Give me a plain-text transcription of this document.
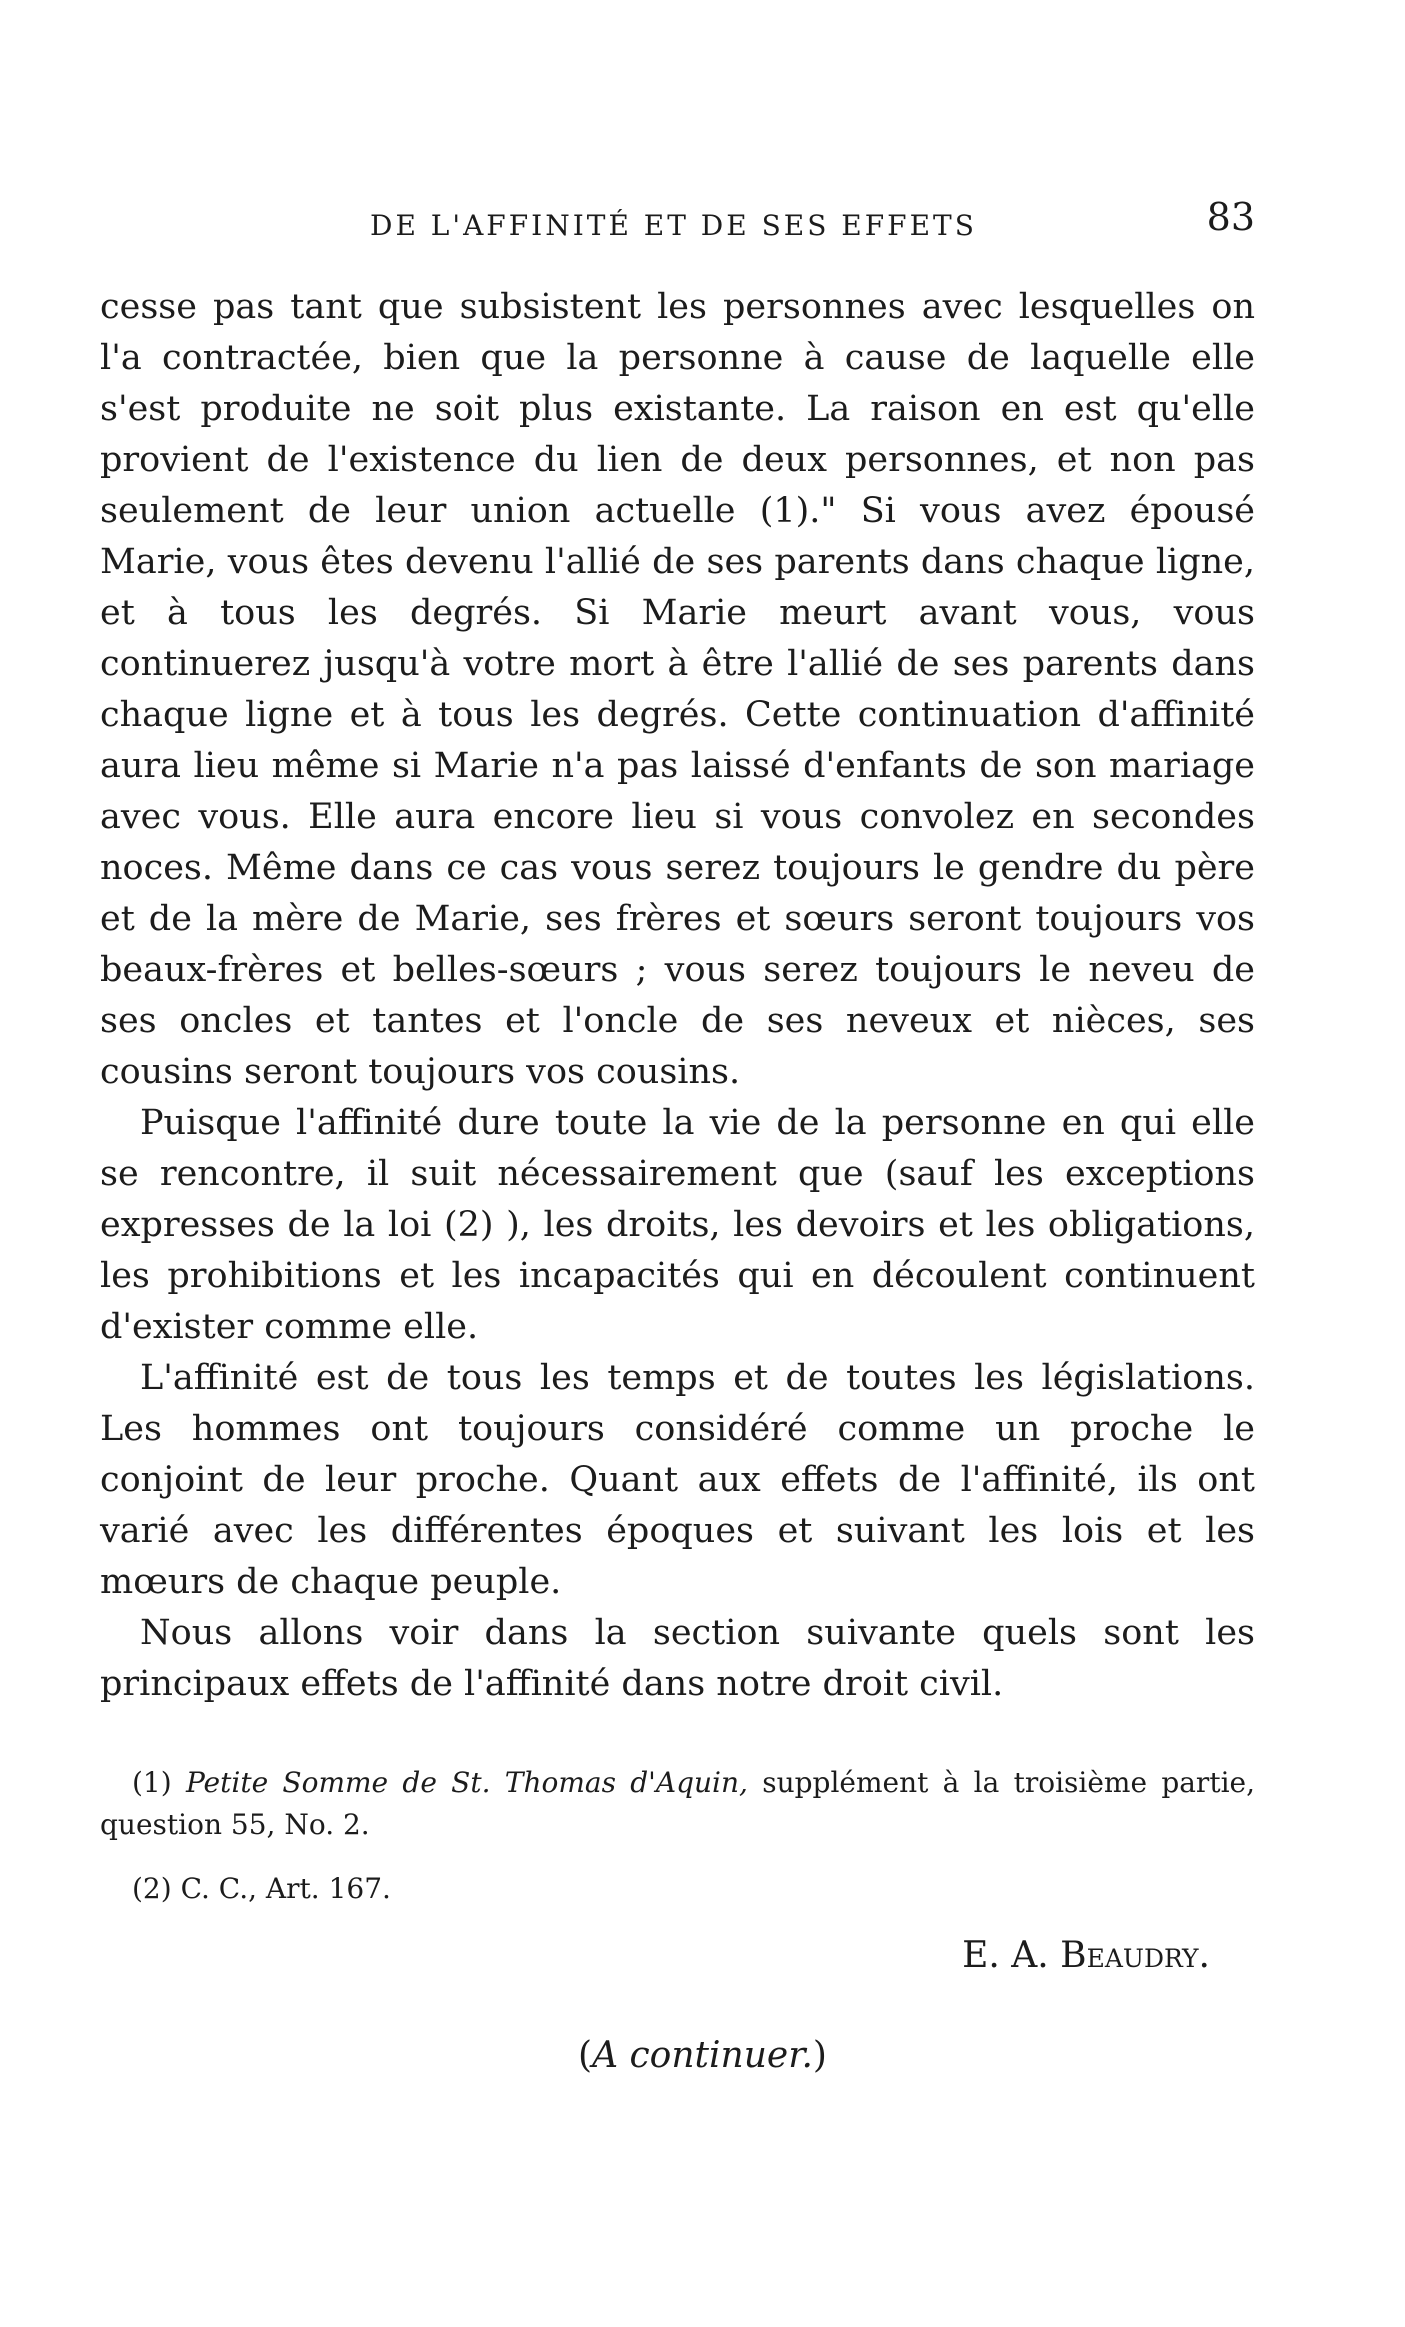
DE L'AFFINITÉ ET DE SES EFFETS	83

cesse pas tant que subsistent les personnes avec lesquelles on l'a contractée, bien que la personne à cause de laquelle elle s'est produite ne soit plus existante. La raison en est qu'elle provient de l'existence du lien de deux personnes, et non pas seulement de leur union actuelle (1)." Si vous avez épousé Marie, vous êtes devenu l'allié de ses parents dans chaque ligne, et à tous les degrés. Si Marie meurt avant vous, vous continuerez jusqu'à votre mort à être l'allié de ses parents dans chaque ligne et à tous les degrés. Cette continuation d'affinité aura lieu même si Marie n'a pas laissé d'enfants de son mariage avec vous. Elle aura encore lieu si vous convolez en secondes noces. Même dans ce cas vous serez toujours le gendre du père et de la mère de Marie, ses frères et sœurs seront toujours vos beaux-frères et belles-sœurs ; vous serez toujours le neveu de ses oncles et tantes et l'oncle de ses neveux et nièces, ses cousins seront toujours vos cousins.

Puisque l'affinité dure toute la vie de la personne en qui elle se rencontre, il suit nécessairement que (sauf les exceptions expresses de la loi (2) ), les droits, les devoirs et les obligations, les prohibitions et les incapacités qui en découlent continuent d'exister comme elle.

L'affinité est de tous les temps et de toutes les législations. Les hommes ont toujours considéré comme un proche le conjoint de leur proche. Quant aux effets de l'affinité, ils ont varié avec les différentes époques et suivant les lois et les mœurs de chaque peuple.

Nous allons voir dans la section suivante quels sont les principaux effets de l'affinité dans notre droit civil.

(1) Petite Somme de St. Thomas d'Aquin, supplément à la troisième partie, question 55, No. 2.

(2) C. C., Art. 167.

E. A. Beaudry.
(A continuer.)
